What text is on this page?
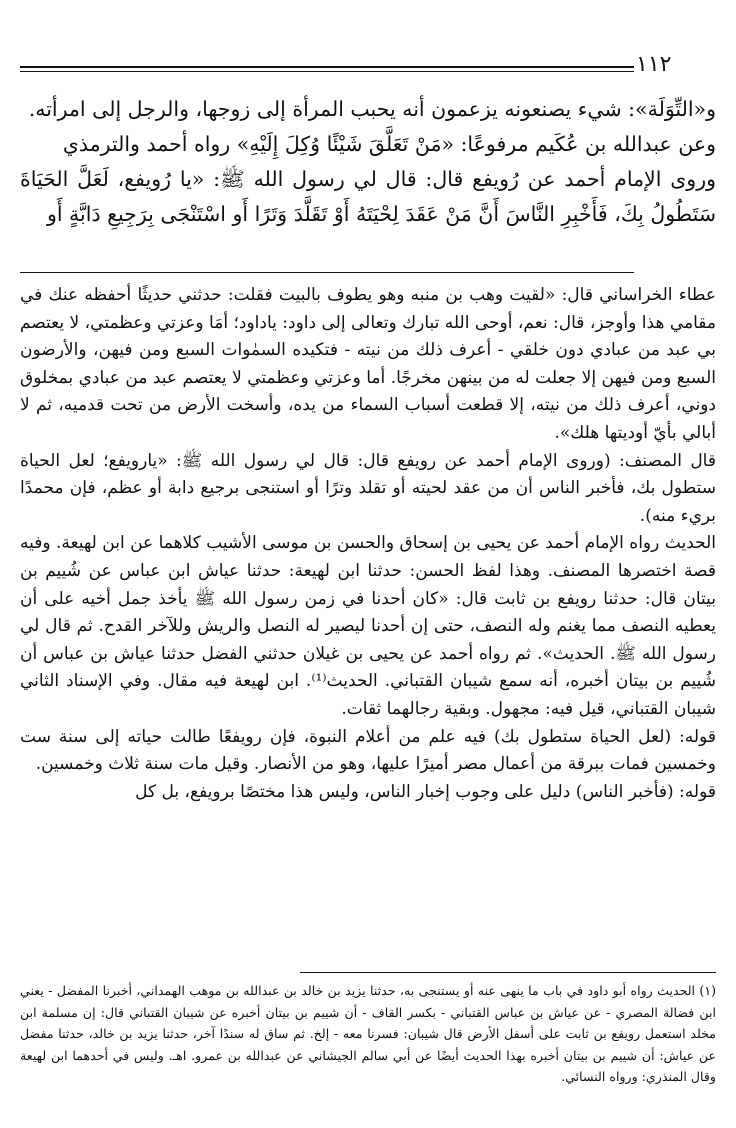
١١٢

و«التِّوَلَة»: شيء يصنعونه يزعمون أنه يحبب المرأة إلى زوجها، والرجل إلى امرأته.

وعن عبدالله بن عُكَيم مرفوعًا: «مَنْ تَعَلَّقَ شَيْئًا وُكِلَ إِلَيْهِ» رواه أحمد والترمذي

وروى الإمام أحمد عن رُويفع قال: قال لي رسول الله ﷺ: «يا رُويفع، لَعَلَّ الحَيَاةَ سَتَطُولُ بِكَ، فَأَخْبِرِ النَّاسَ أَنَّ مَنْ عَقَدَ لِحْيَتَهُ أَوْ تَقَلَّدَ وَتَرًا أَو اسْتَنْجَى بِرَجِيعِ دَابَّةٍ أَو

عطاء الخراساني قال: «لقيت وهب بن منبه وهو يطوف بالبيت فقلت: حدثني حديثًا أحفظه عنك في مقامي هذا وأوجز، قال: نعم، أوحى الله تبارك وتعالى إلى داود: ياداود؛ أمَا وعزتي وعظمتي، لا يعتصم بي عبد من عبادي دون خلقي - أعرف ذلك من نيته - فتكيده السمٰوات السبع ومن فيهن، والأرضون السبع ومن فيهن إلا جعلت له من بينهن مخرجًا. أما وعزتي وعظمتي لا يعتصم عبد من عبادي بمخلوق دوني، أعرف ذلك من نيته، إلا قطعت أسباب السماء من يده، وأسخت الأرض من تحت قدميه، ثم لا أبالي بأيّ أوديتها هلك».

قال المصنف: (وروى الإمام أحمد عن رويفع قال: قال لي رسول الله ﷺ: «يارويفع؛ لعل الحياة ستطول بك، فأخبر الناس أن من عقد لحيته أو تقلد وترًا أو استنجى برجيع دابة أو عظم، فإن محمدًا بريء منه).

الحديث رواه الإمام أحمد عن يحيى بن إسحاق والحسن بن موسى الأشيب كلاهما عن ابن لهيعة. وفيه قصة اختصرها المصنف. وهذا لفظ الحسن: حدثنا ابن لهيعة: حدثنا عياش ابن عباس عن شُييم بن بيتان قال: حدثنا رويفع بن ثابت قال: «كان أحدنا في زمن رسول الله ﷺ يأخذ جمل أخيه على أن يعطيه النصف مما يغنم وله النصف، حتى إن أحدنا ليصير له النصل والريش وللآخر القدح. ثم قال لي رسول الله ﷺ. الحديث». ثم رواه أحمد عن يحيى بن غيلان حدثني الفضل حدثنا عياش بن عباس أن شُييم بن بيتان أخبره، أنه سمع شيبان القتباني. الحديث⁽¹⁾. ابن لهيعة فيه مقال. وفي الإسناد الثاني شيبان القتباني، قيل فيه: مجهول. وبقية رجالهما ثقات.

قوله: (لعل الحياة ستطول بك) فيه علم من أعلام النبوة، فإن رويفعًا طالت حياته إلى سنة ست وخمسين فمات ببرقة من أعمال مصر أميرًا عليها، وهو من الأنصار. وقيل مات سنة ثلاث وخمسين.

قوله: (فأخبر الناس) دليل على وجوب إخبار الناس، وليس هذا مختصًا برويفع، بل كل

(١) الحديث رواه أبو داود في باب ما ينهى عنه أو يستنجى به، حدثنا يزيد بن خالد بن عبدالله بن موهب الهمداني، أخبرنا المفضل - يعني ابن فضالة المصري - عن عياش بن عباس القتباني - بكسر القاف - أن شييم بن بيتان أخبره عن شيبان القتباني قال: إن مسلمة ابن مخلد استعمل رويفع بن ثابت على أسفل الأرض قال شيبان: فسرنا معه - إلخ. ثم ساق له سندًا آخر، حدثنا يزيد بن خالد، حدثنا مفضل عن عياش: أن شييم بن بيتان أخبره بهذا الحديث أيضًا عن أبي سالم الجيشاني عن عبدالله بن عمرو. اهـ. وليس في أحدهما ابن لهيعة وقال المنذري: ورواه النسائي.
